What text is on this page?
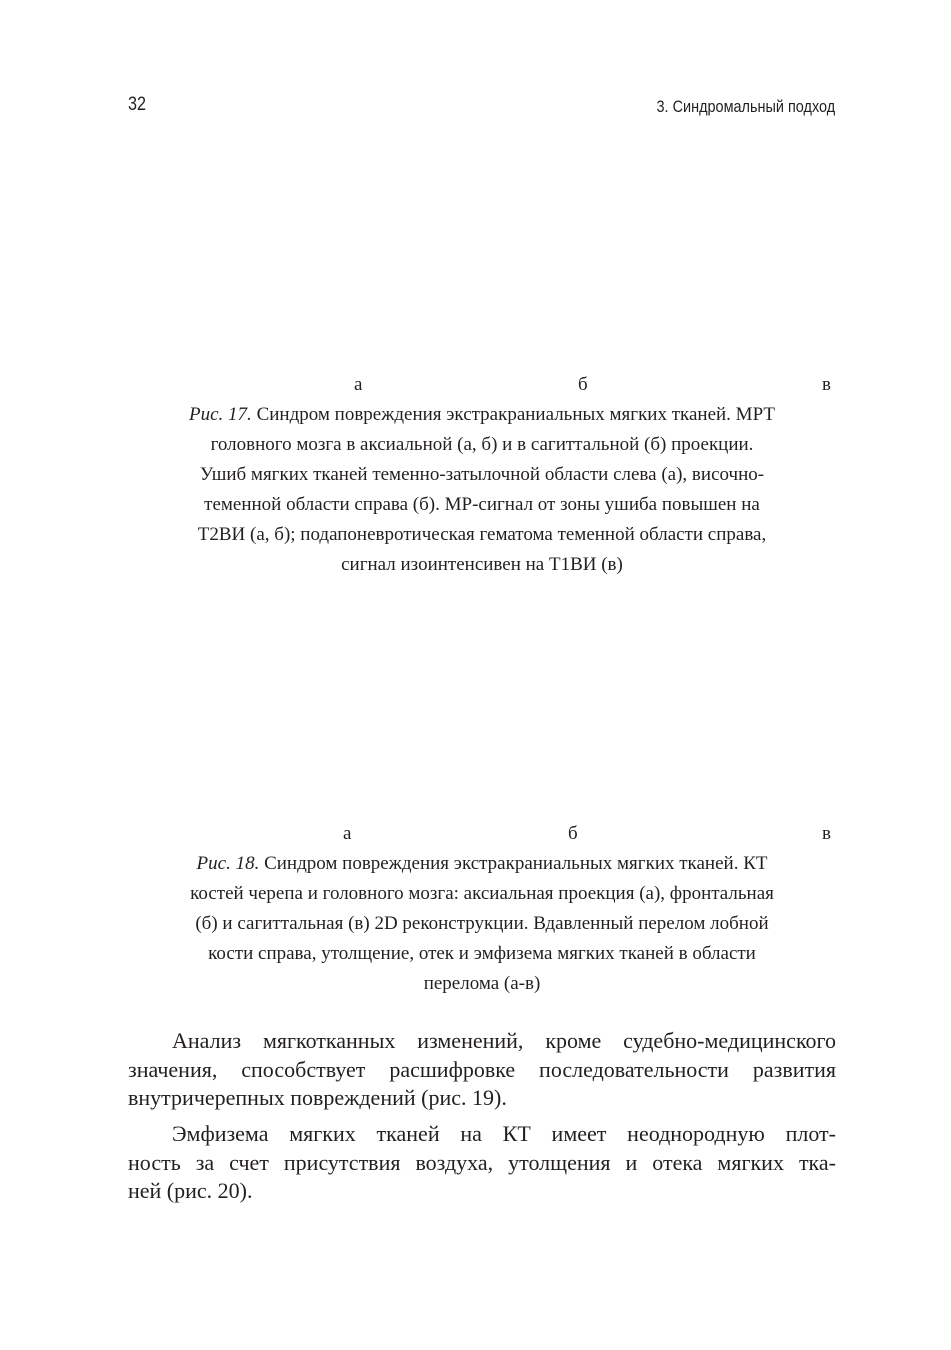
32	3. Синдромальный подход
а	б	в
Рис. 17. Синдром повреждения экстракраниальных мягких тканей. МРТ
головного мозга в аксиальной (а, б) и в сагиттальной (б) проекции.
Ушиб мягких тканей теменно-затылочной области слева (а), височно-
теменной области справа (б). МР-сигнал от зоны ушиба повышен на
Т2ВИ (а, б); подапоневротическая гематома теменной области справа,
сигнал изоинтенсивен на Т1ВИ (в)
а	б	в
Рис. 18. Синдром повреждения экстракраниальных мягких тканей. КТ
костей черепа и головного мозга: аксиальная проекция (а), фронтальная
(б) и сагиттальная (в) 2D реконструкции. Вдавленный перелом лобной
кости справа, утолщение, отек и эмфизема мягких тканей в области
перелома (а-в)
Анализ мягкотканных изменений, кроме судебно-медицинского
значения, способствует расшифровке последовательности развития
внутричерепных повреждений (рис. 19).
Эмфизема мягких тканей на КТ имеет неоднородную плот-
ность за счет присутствия воздуха, утолщения и отека мягких тка-
ней (рис. 20).
